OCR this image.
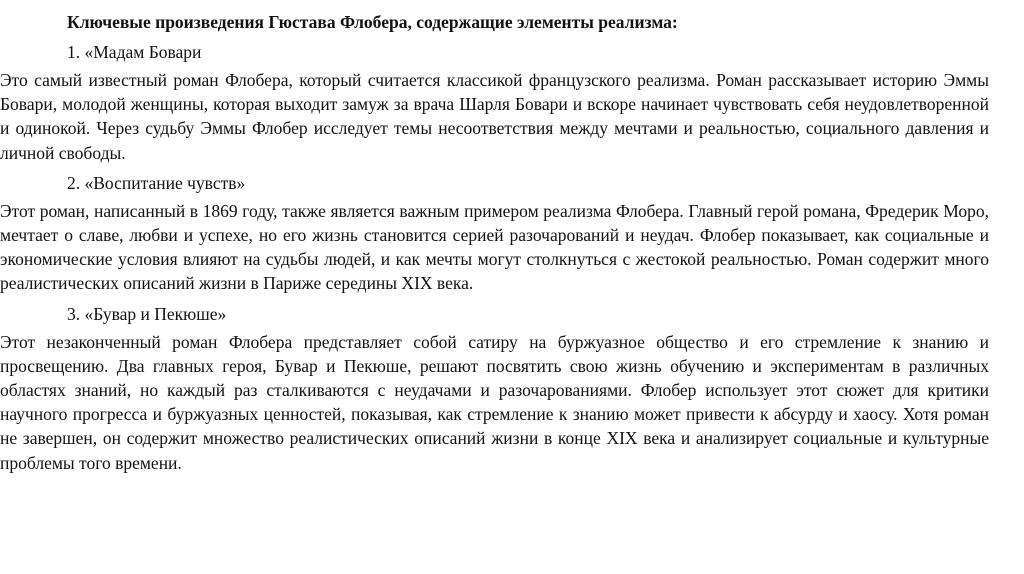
Ключевые произведения Гюстава Флобера, содержащие элементы реализма:
1. «Мадам Бовари
Это самый известный роман Флобера, который считается классикой французского реализма. Роман рассказывает историю Эммы Бовари, молодой женщины, которая выходит замуж за врача Шарля Бовари и вскоре начинает чувствовать себя неудовлетворенной и одинокой. Через судьбу Эммы Флобер исследует темы несоответствия между мечтами и реальностью, социального давления и личной свободы.
2. «Воспитание чувств»
Этот роман, написанный в 1869 году, также является важным примером реализма Флобера. Главный герой романа, Фредерик Моро, мечтает о славе, любви и успехе, но его жизнь становится серией разочарований и неудач. Флобер показывает, как социальные и экономические условия влияют на судьбы людей, и как мечты могут столкнуться с жестокой реальностью. Роман содержит много реалистических описаний жизни в Париже середины XIX века.
3. «Бувар и Пекюше»
Этот незаконченный роман Флобера представляет собой сатиру на буржуазное общество и его стремление к знанию и просвещению. Два главных героя, Бувар и Пекюше, решают посвятить свою жизнь обучению и экспериментам в различных областях знаний, но каждый раз сталкиваются с неудачами и разочарованиями. Флобер использует этот сюжет для критики научного прогресса и буржуазных ценностей, показывая, как стремление к знанию может привести к абсурду и хаосу. Хотя роман не завершен, он содержит множество реалистических описаний жизни в конце XIX века и анализирует социальные и культурные проблемы того времени.
